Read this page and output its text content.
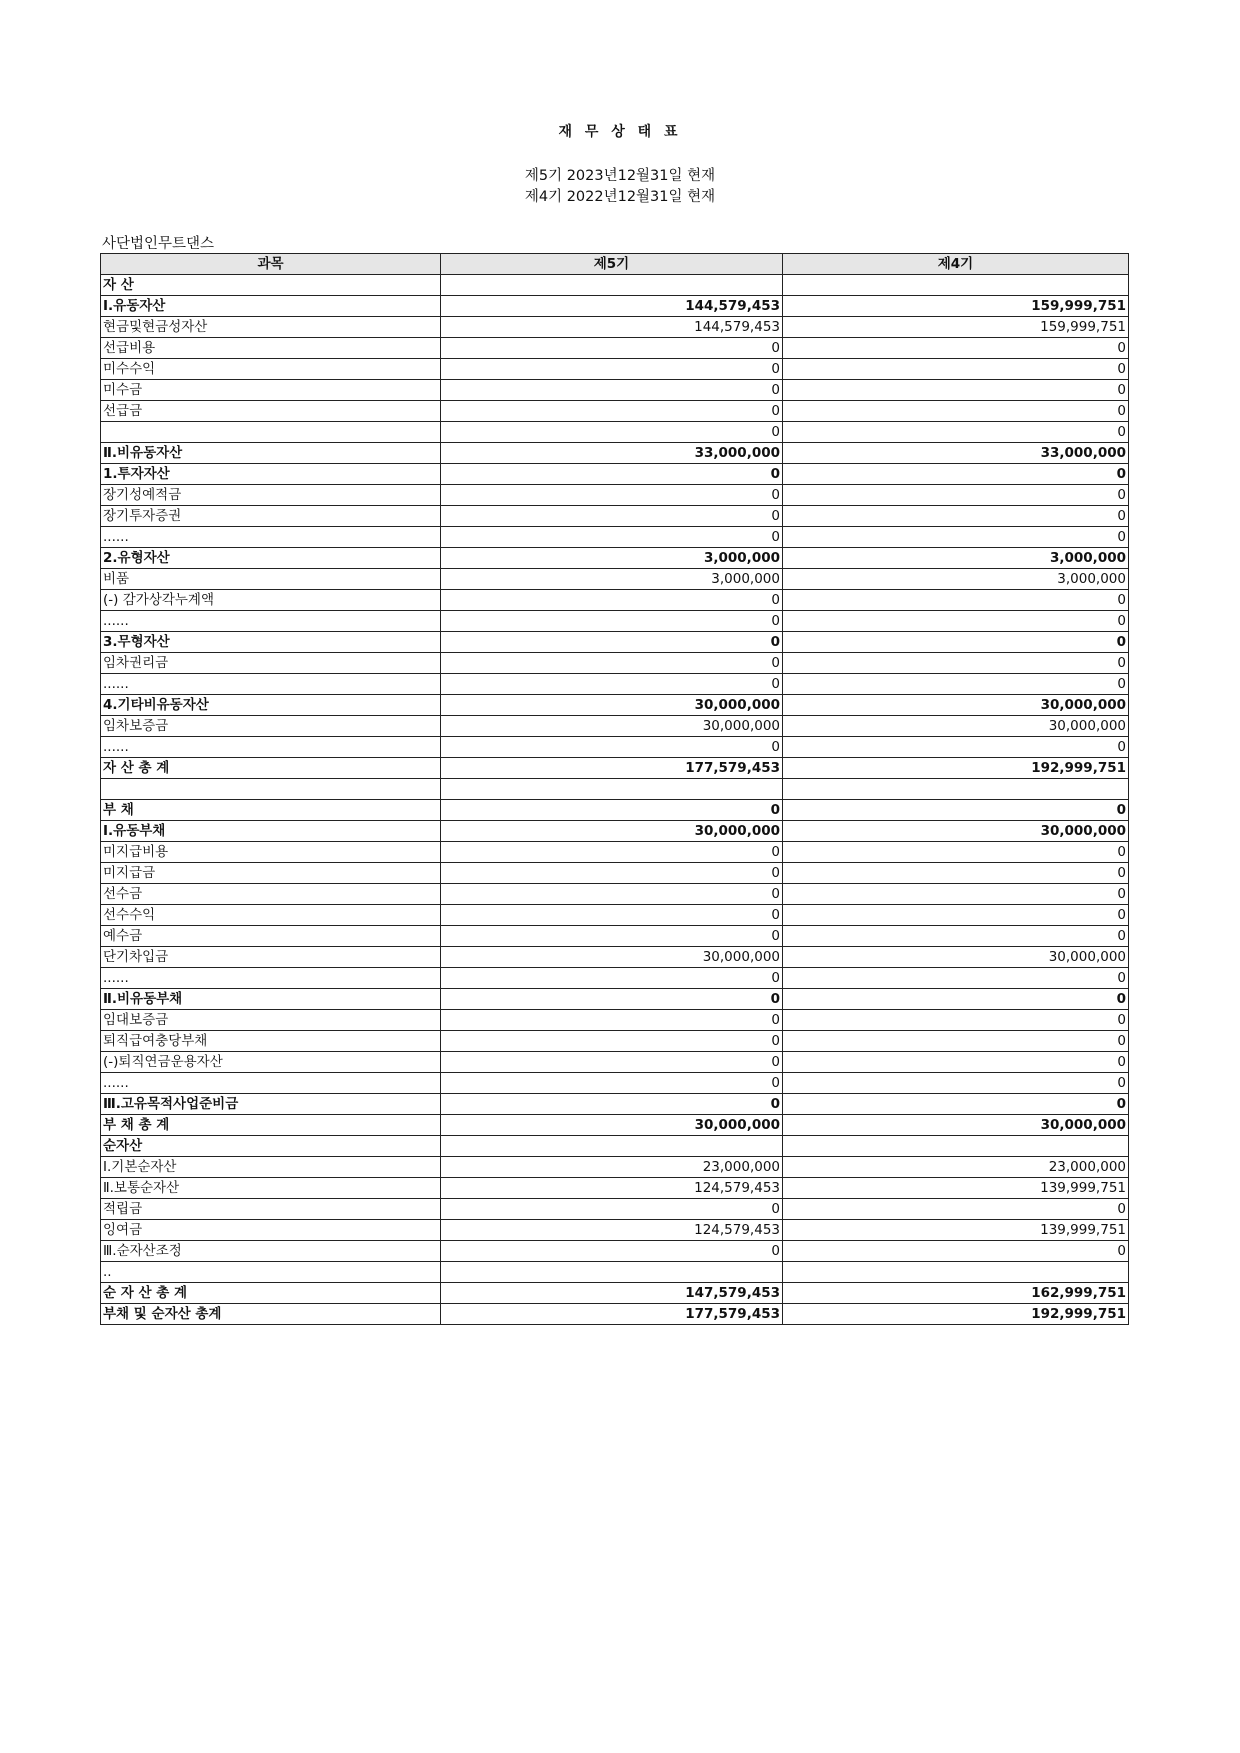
재 무 상 태 표
제5기 2023년12월31일 현재
제4기 2022년12월31일 현재
사단법인무트댄스
과목	제5기	제4기
자 산		
Ⅰ.유동자산	144,579,453	159,999,751
현금및현금성자산	144,579,453	159,999,751
선급비용	0	0
미수수익	0	0
미수금	0	0
선급금	0	0
	0	0
Ⅱ.비유동자산	33,000,000	33,000,000
1.투자자산	0	0
장기성예적금	0	0
장기투자증권	0	0
......	0	0
2.유형자산	3,000,000	3,000,000
비품	3,000,000	3,000,000
(-) 감가상각누계액	0	0
......	0	0
3.무형자산	0	0
임차권리금	0	0
......	0	0
4.기타비유동자산	30,000,000	30,000,000
임차보증금	30,000,000	30,000,000
......	0	0
자 산 총 계	177,579,453	192,999,751

부 채	0	0
Ⅰ.유동부채	30,000,000	30,000,000
미지급비용	0	0
미지급금	0	0
선수금	0	0
선수수익	0	0
예수금	0	0
단기차입금	30,000,000	30,000,000
......	0	0
Ⅱ.비유동부채	0	0
임대보증금	0	0
퇴직급여충당부채	0	0
(-)퇴직연금운용자산	0	0
......	0	0
Ⅲ.고유목적사업준비금	0	0
부 채 총 계	30,000,000	30,000,000
순자산		
Ⅰ.기본순자산	23,000,000	23,000,000
Ⅱ.보통순자산	124,579,453	139,999,751
적립금	0	0
잉여금	124,579,453	139,999,751
Ⅲ.순자산조정	0	0
..		
순 자 산 총 계	147,579,453	162,999,751
부채 및 순자산 총계	177,579,453	192,999,751
